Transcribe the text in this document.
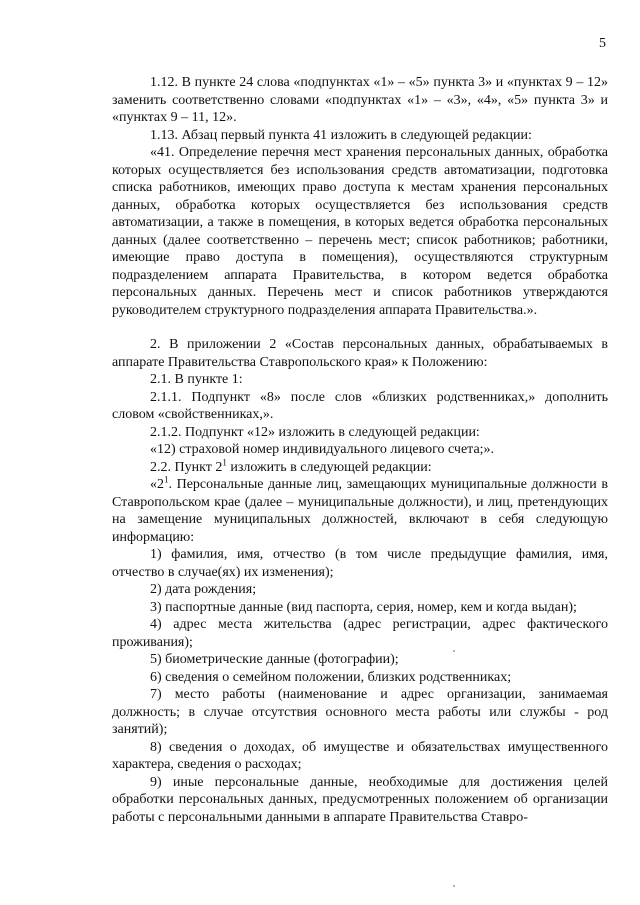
5

1.12. В пункте 24 слова «подпунктах «1» – «5» пункта 3» и «пунктах 9 – 12» заменить соответственно словами «подпунктах «1» – «3», «4», «5» пункта 3» и «пунктах 9 – 11, 12».

1.13. Абзац первый пункта 41 изложить в следующей редакции:

«41. Определение перечня мест хранения персональных данных, обработка которых осуществляется без использования средств автоматизации, подготовка списка работников, имеющих право доступа к местам хранения персональных данных, обработка которых осуществляется без использования средств автоматизации, а также в помещения, в которых ведется обработка персональных данных (далее соответственно – перечень мест; список работников; работники, имеющие право доступа в помещения), осуществляются структурным подразделением аппарата Правительства, в котором ведется обработка персональных данных. Перечень мест и список работников утверждаются руководителем структурного подразделения аппарата Правительства.».

2. В приложении 2 «Состав персональных данных, обрабатываемых в аппарате Правительства Ставропольского края» к Положению:

2.1. В пункте 1:

2.1.1. Подпункт «8» после слов «близких родственниках,» дополнить словом «свойственниках,».

2.1.2. Подпункт «12» изложить в следующей редакции:

«12) страховой номер индивидуального лицевого счета;».

2.2. Пункт $2^1$ изложить в следующей редакции:

«$2^1$. Персональные данные лиц, замещающих муниципальные должности в Ставропольском крае (далее – муниципальные должности), и лиц, претендующих на замещение муниципальных должностей, включают в себя следующую информацию:

1) фамилия, имя, отчество (в том числе предыдущие фамилия, имя, отчество в случае(ях) их изменения);

2) дата рождения;

3) паспортные данные (вид паспорта, серия, номер, кем и когда выдан);

4) адрес места жительства (адрес регистрации, адрес фактического проживания);

5) биометрические данные (фотографии);

6) сведения о семейном положении, близких родственниках;

7) место работы (наименование и адрес организации, занимаемая должность; в случае отсутствия основного места работы или службы - род занятий);

8) сведения о доходах, об имуществе и обязательствах имущественного характера, сведения о расходах;

9) иные персональные данные, необходимые для достижения целей обработки персональных данных, предусмотренных положением об организации работы с персональными данными в аппарате Правительства Ставро-
